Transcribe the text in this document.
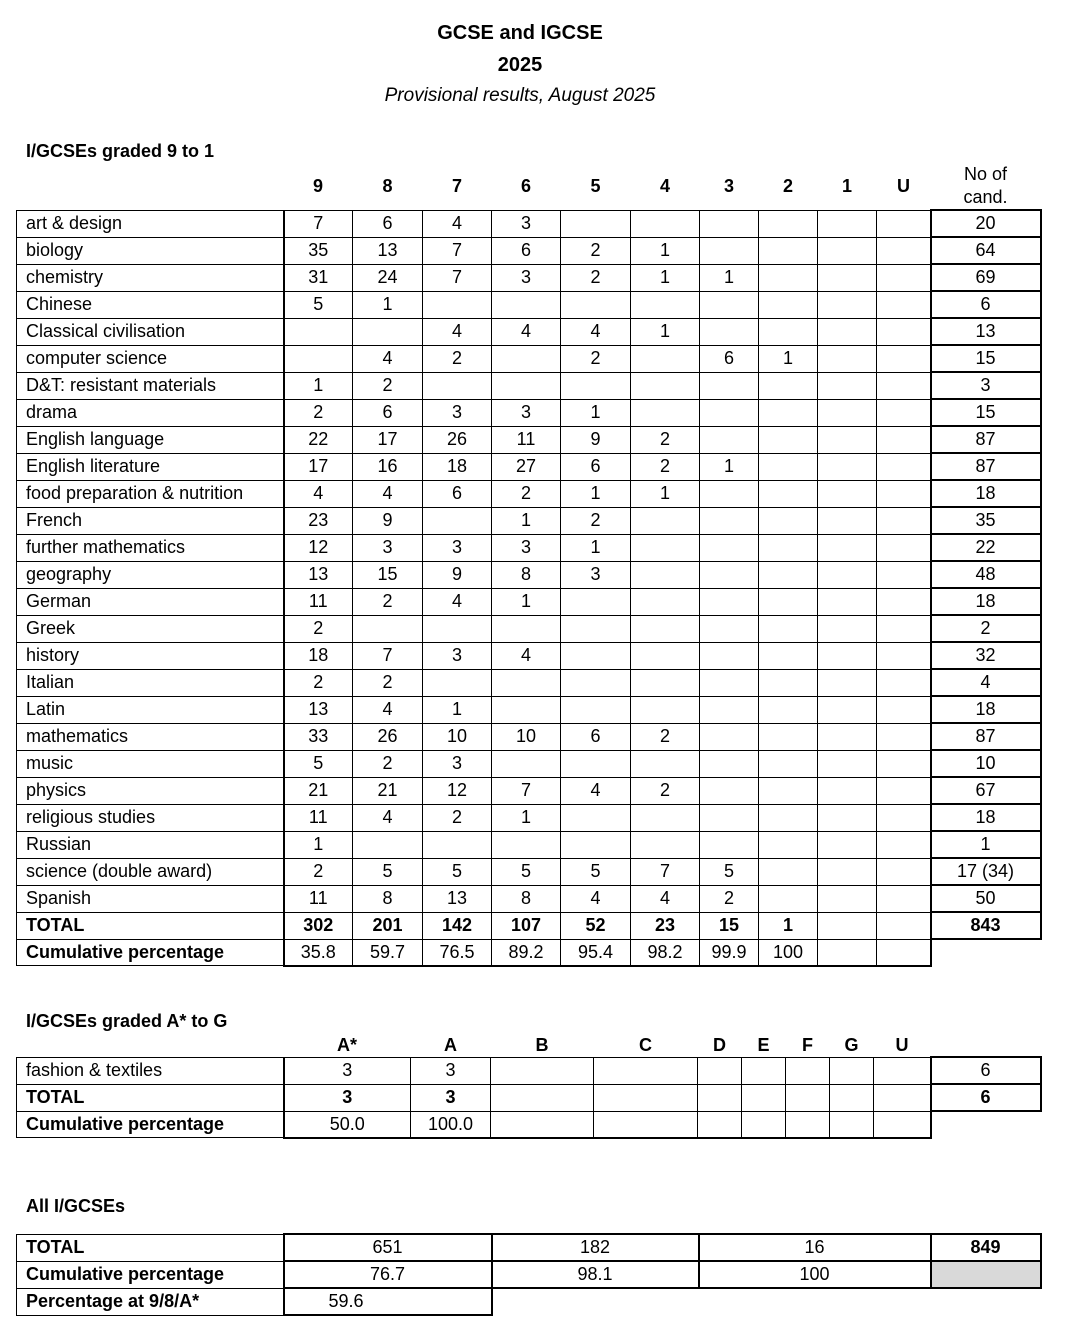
GCSE and IGCSE
2025
Provisional results, August 2025
I/GCSEs graded 9 to 1
	9	8	7	6	5	4	3	2	1	U	No of
cand.

art & design	7	6	4	3							20
biology	35	13	7	6	2	1					64
chemistry	31	24	7	3	2	1	1				69
Chinese	5	1									6
Classical civilisation			4	4	4	1					13
computer science		4	2		2		6	1			15
D&T: resistant materials	1	2									3
drama	2	6	3	3	1						15
English language	22	17	26	11	9	2					87
English literature	17	16	18	27	6	2	1				87
food preparation & nutrition	4	4	6	2	1	1					18
French	23	9		1	2						35
further mathematics	12	3	3	3	1						22
geography	13	15	9	8	3						48
German	11	2	4	1							18
Greek	2										2
history	18	7	3	4							32
Italian	2	2									4
Latin	13	4	1								18
mathematics	33	26	10	10	6	2					87
music	5	2	3								10
physics	21	21	12	7	4	2					67
religious studies	11	4	2	1							18
Russian	1										1
science (double award)	2	5	5	5	5	7	5				17 (34)
Spanish	11	8	13	8	4	4	2				50
TOTAL	302	201	142	107	52	23	15	1			843
Cumulative percentage	35.8	59.7	76.5	89.2	95.4	98.2	99.9	100			
I/GCSEs graded A* to G
	A*	A	B	C	D	E	F	G	U	
fashion & textiles	3	3								6
TOTAL	3	3								6
Cumulative percentage	50.0	100.0								
All I/GCSEs
TOTAL	651	182	16	849
Cumulative percentage	76.7	98.1	100	
Percentage at 9/8/A*	59.6			
